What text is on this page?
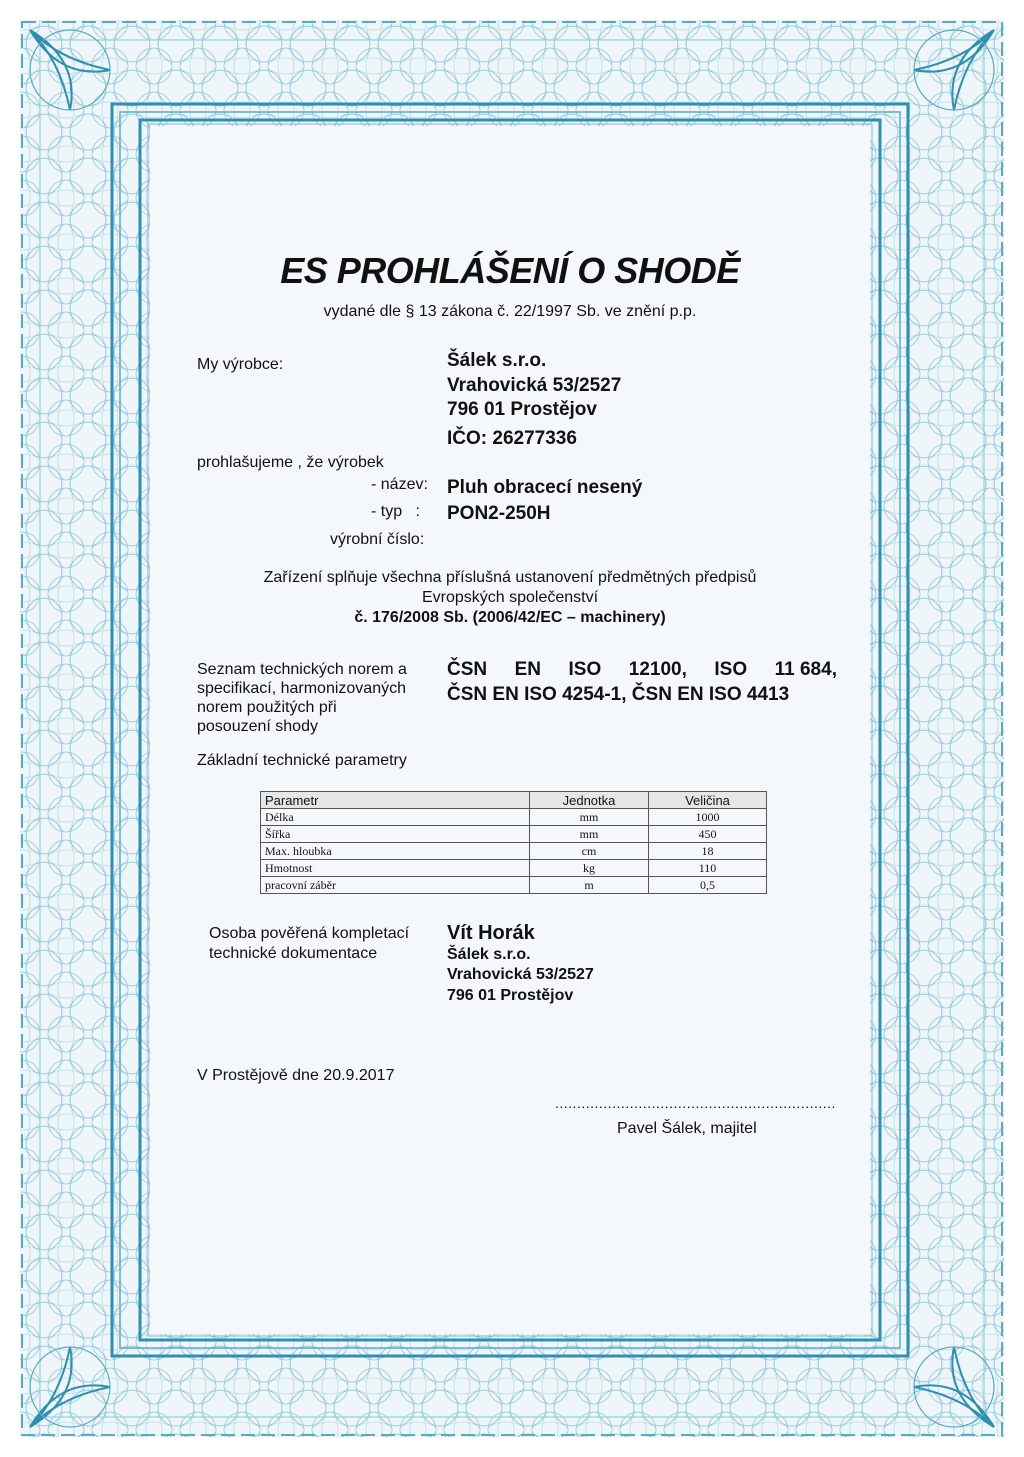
ES PROHLÁŠENÍ O SHODĚ
vydané dle § 13 zákona č. 22/1997 Sb. ve znění p.p.
My výrobce:	Šálek s.r.o.
Vrahovická 53/2527
796 01 Prostějov
IČO: 26277336
prohlašujeme , že výrobek
- název: Pluh obracecí nesený
- typ   : PON2-250H
výrobní číslo:
Zařízení splňuje všechna příslušná ustanovení předmětných předpisů
Evropských společenství
č. 176/2008 Sb. (2006/42/EC – machinery)
Seznam technických norem a
specifikací, harmonizovaných
norem použitých při
posouzení shody
ČSN EN ISO 12100, ISO 11 684,
ČSN EN ISO 4254-1, ČSN EN ISO 4413
Základní technické parametry
Parametr	Jednotka	Veličina
Délka	mm	1000
Šířka	mm	450
Max. hloubka	cm	18
Hmotnost	kg	110
pracovní záběr	m	0,5
Osoba pověřená kompletací
technické dokumentace
Vít Horák
Šálek s.r.o.
Vrahovická 53/2527
796 01 Prostějov
V Prostějově dne 20.9.2017
................................................................
Pavel Šálek, majitel
